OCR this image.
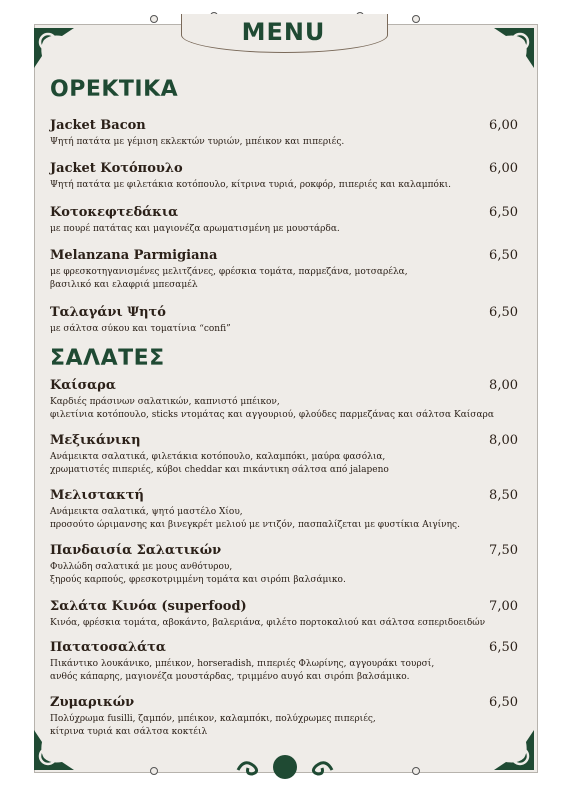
MENU
ΟΡΕΚΤΙΚΑ
Jacket Bacon	6,00
Ψητή πατάτα με γέμιση εκλεκτών τυριών, μπέικον και πιπεριές.
Jacket Κοτόπουλο	6,00
Ψητή πατάτα με φιλετάκια κοτόπουλο, κίτρινα τυριά, ροκφόρ, πιπεριές και καλαμπόκι.
Κοτοκεφτεδάκια	6,50
με πουρέ πατάτας και μαγιονέζα αρωματισμένη με μουστάρδα.
Melanzana Parmigiana	6,50
με φρεσκοτηγανισμένες μελιτζάνες, φρέσκια τομάτα, παρμεζάνα, μοτσαρέλα,
βασιλικό και ελαφριά μπεσαμέλ
Ταλαγάνι Ψητό	6,50
με σάλτσα σύκου και τοματίνια “confi”
ΣΑΛΑΤΕΣ
Καίσαρα	8,00
Καρδιές πράσινων σαλατικών, καπνιστό μπέικον,
φιλετίνια κοτόπουλο, sticks ντομάτας και αγγουριού, φλούδες παρμεζάνας και σάλτσα Καίσαρα
Μεξικάνικη	8,00
Ανάμεικτα σαλατικά, φιλετάκια κοτόπουλο, καλαμπόκι, μαύρα φασόλια,
χρωματιστές πιπεριές, κύβοι cheddar και πικάντικη σάλτσα από jalapeno
Μελιστακτή	8,50
Ανάμεικτα σαλατικά, ψητό μαστέλο Χίου,
προσούτο ώριμανσης και βινεγκρέτ μελιού με ντιζόν, πασπαλίζεται με φυστίκια Αιγίνης.
Πανδαισία Σαλατικών	7,50
Φυλλώδη σαλατικά με μους ανθότυρου,
ξηρούς καρπούς, φρεσκοτριμμένη τομάτα και σιρόπι βαλσάμικο.
Σαλάτα Κινόα (superfood)	7,00
Κινόα, φρέσκια τομάτα, αβοκάντο, βαλεριάνα, φιλέτο πορτοκαλιού και σάλτσα εσπεριδοειδών
Πατατοσαλάτα	6,50
Πικάντικο λουκάνικο, μπέικον, horseradish, πιπεριές Φλωρίνης, αγγουράκι τουρσί,
ανθός κάπαρης, μαγιονέζα μουστάρδας, τριμμένο αυγό και σιρόπι βαλσάμικο.
Ζυμαρικών	6,50
Πολύχρωμα fusilli, ζαμπόν, μπέικον, καλαμπόκι, πολύχρωμες πιπεριές,
κίτρινα τυριά και σάλτσα κοκτέιλ
